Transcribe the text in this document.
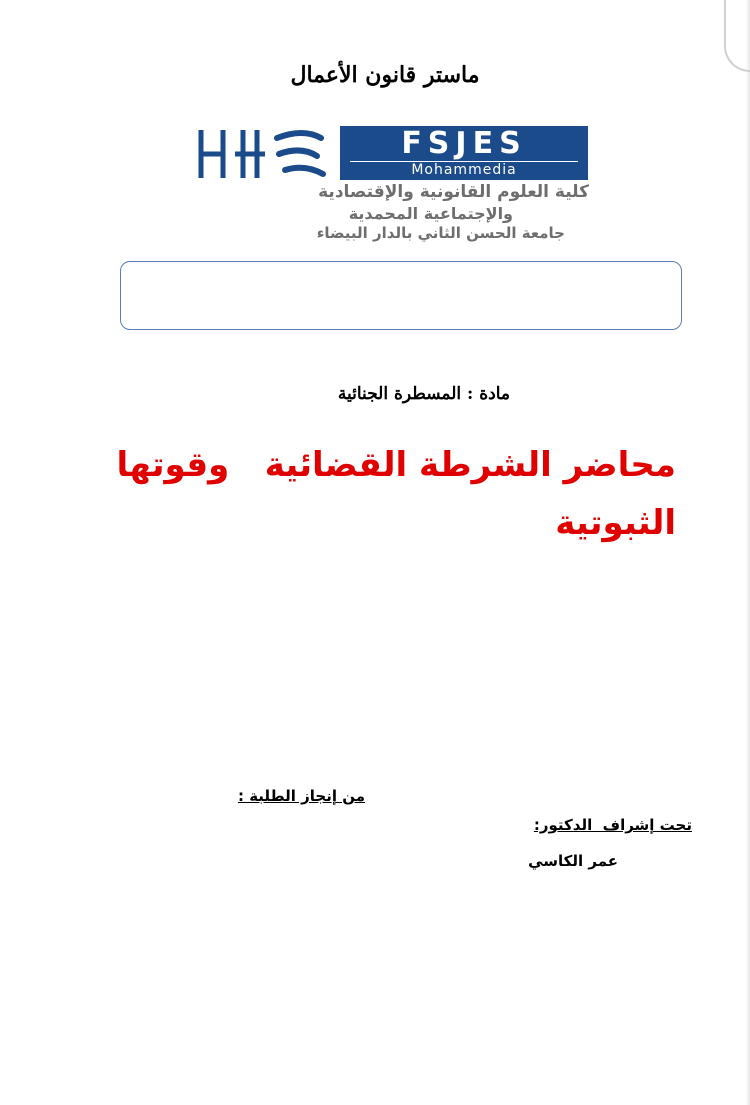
ماستر قانون الأعمال
FSJES
Mohammedia
كلية العلوم القانونية والإقتصادية
والإجتماعية المحمدية
جامعة الحسن الثاني بالدار البيضاء
مادة : المسطرة الجنائية
محاضر الشرطة القضائية   وقوتها
الثبوتية
من إنجاز الطلبة :
تحت إشراف  الدكتور:
عمر الكاسي
